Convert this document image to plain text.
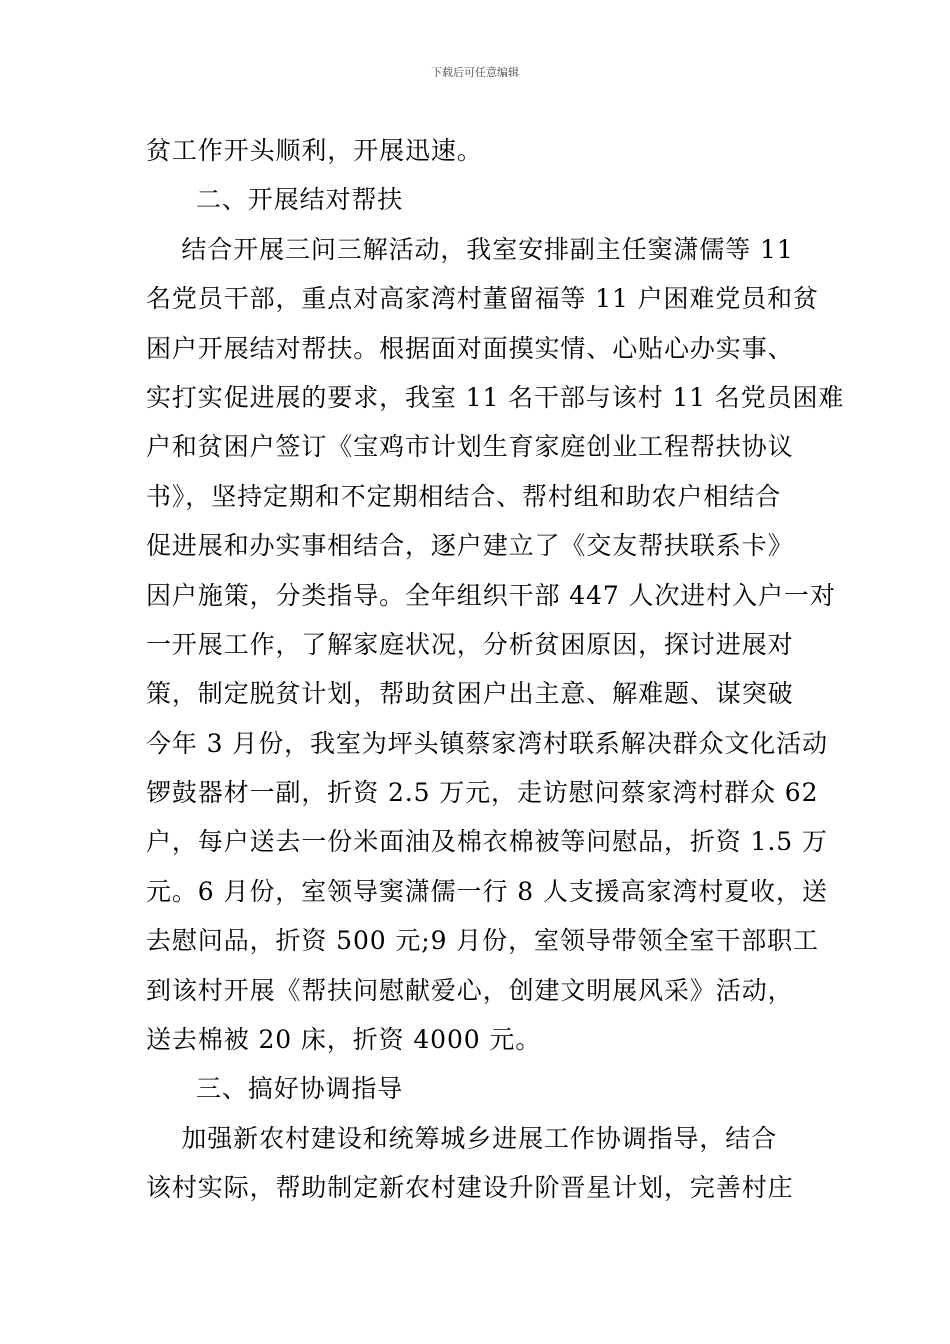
下载后可任意编辑
贫工作开头顺利，开展迅速。
二、开展结对帮扶
结合开展三问三解活动，我室安排副主任窦潇儒等 11
名党员干部，重点对高家湾村董留福等 11 户困难党员和贫
困户开展结对帮扶。根据面对面摸实情、心贴心办实事、
实打实促进展的要求，我室 11 名干部与该村 11 名党员困难
户和贫困户签订《宝鸡市计划生育家庭创业工程帮扶协议
书》，坚持定期和不定期相结合、帮村组和助农户相结合
促进展和办实事相结合，逐户建立了《交友帮扶联系卡》
因户施策，分类指导。全年组织干部 447 人次进村入户一对
一开展工作，了解家庭状况，分析贫困原因，探讨进展对
策，制定脱贫计划，帮助贫困户出主意、解难题、谋突破
今年 3 月份，我室为坪头镇蔡家湾村联系解决群众文化活动
锣鼓器材一副，折资 2.5 万元，走访慰问蔡家湾村群众 62
户，每户送去一份米面油及棉衣棉被等问慰品，折资 1.5 万
元。6 月份，室领导窦潇儒一行 8 人支援高家湾村夏收，送
去慰问品，折资 500 元;9 月份，室领导带领全室干部职工
到该村开展《帮扶问慰献爱心，创建文明展风采》活动，
送去棉被 20 床，折资 4000 元。
三、搞好协调指导
加强新农村建设和统筹城乡进展工作协调指导，结合
该村实际，帮助制定新农村建设升阶晋星计划，完善村庄
